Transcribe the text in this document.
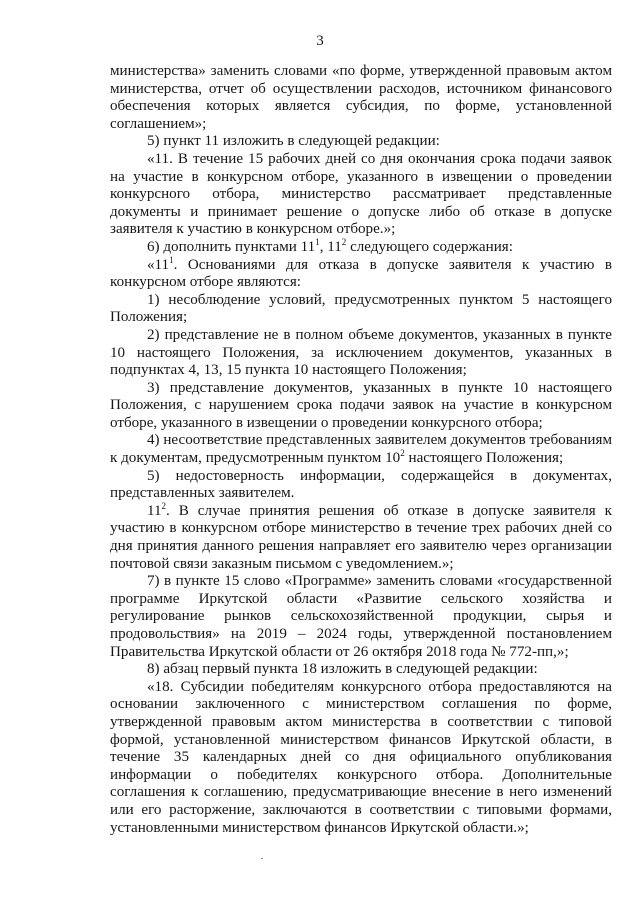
3

министерства» заменить словами «по форме, утвержденной правовым актом министерства, отчет об осуществлении расходов, источником финансового обеспечения которых является субсидия, по форме, установленной соглашением»;

5) пункт 11 изложить в следующей редакции:

«11. В течение 15 рабочих дней со дня окончания срока подачи заявок на участие в конкурсном отборе, указанного в извещении о проведении конкурсного отбора, министерство рассматривает представленные документы и принимает решение о допуске либо об отказе в допуске заявителя к участию в конкурсном отборе.»;

6) дополнить пунктами $11^1$, $11^2$ следующего содержания:

«$11^1$. Основаниями для отказа в допуске заявителя к участию в конкурсном отборе являются:

1) несоблюдение условий, предусмотренных пунктом 5 настоящего Положения;

2) представление не в полном объеме документов, указанных в пункте 10 настоящего Положения, за исключением документов, указанных в подпунктах 4, 13, 15 пункта 10 настоящего Положения;

3) представление документов, указанных в пункте 10 настоящего Положения, с нарушением срока подачи заявок на участие в конкурсном отборе, указанного в извещении о проведении конкурсного отбора;

4) несоответствие представленных заявителем документов требованиям к документам, предусмотренным пунктом $10^2$ настоящего Положения;

5) недостоверность информации, содержащейся в документах, представленных заявителем.

$11^2$. В случае принятия решения об отказе в допуске заявителя к участию в конкурсном отборе министерство в течение трех рабочих дней со дня принятия данного решения направляет его заявителю через организации почтовой связи заказным письмом с уведомлением.»;

7) в пункте 15 слово «Программе» заменить словами «государственной программе Иркутской области «Развитие сельского хозяйства и регулирование рынков сельскохозяйственной продукции, сырья и продовольствия» на 2019 – 2024 годы, утвержденной постановлением Правительства Иркутской области от 26 октября 2018 года № 772-пп,»;

8) абзац первый пункта 18 изложить в следующей редакции:

«18. Субсидии победителям конкурсного отбора предоставляются на основании заключенного с министерством соглашения по форме, утвержденной правовым актом министерства в соответствии с типовой формой, установленной министерством финансов Иркутской области, в течение 35 календарных дней со дня официального опубликования информации о победителях конкурсного отбора. Дополнительные соглашения к соглашению, предусматривающие внесение в него изменений или его расторжение, заключаются в соответствии с типовыми формами, установленными министерством финансов Иркутской области.»;
